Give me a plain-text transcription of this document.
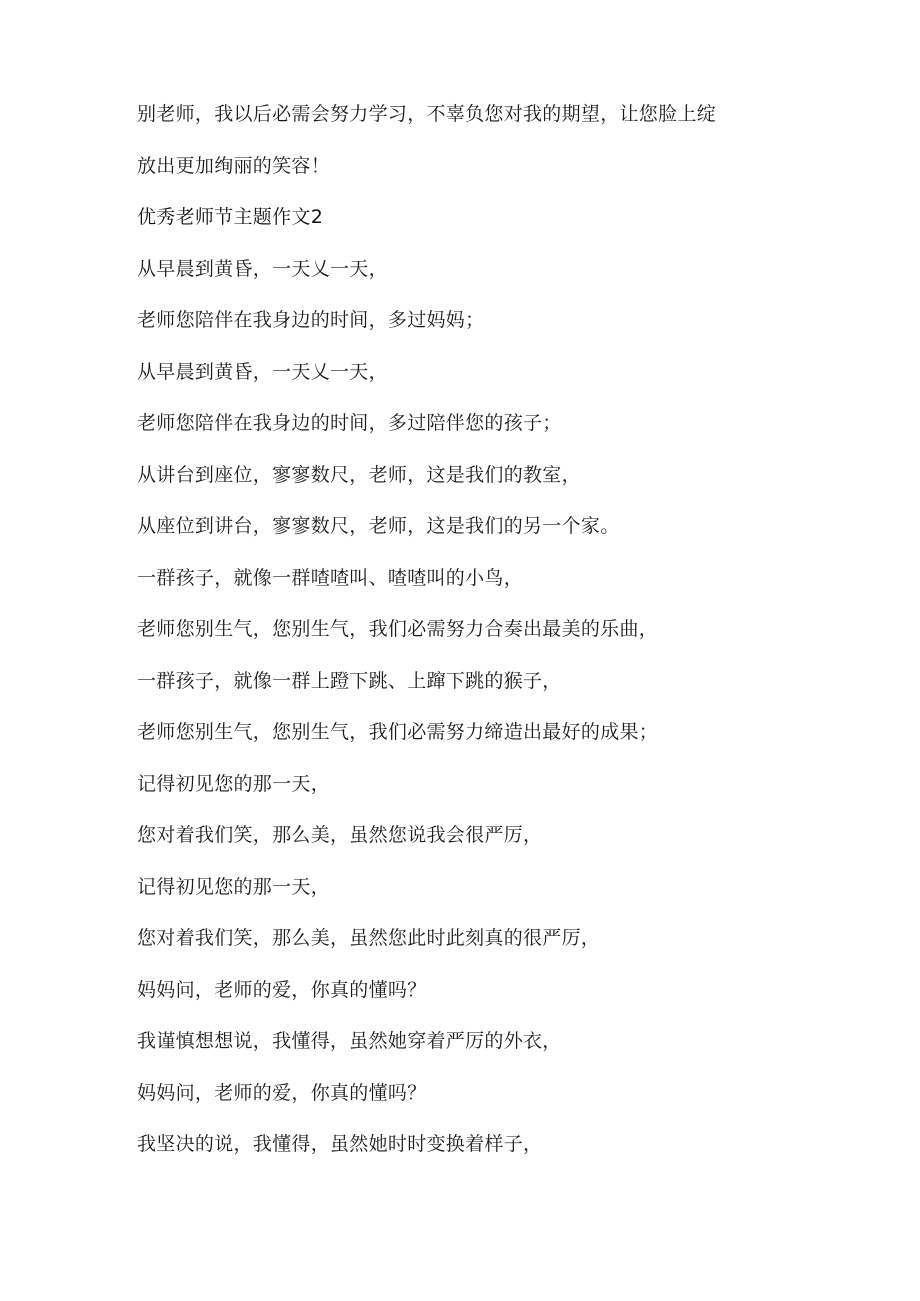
别老师，我以后必需会努力学习，不辜负您对我的期望，让您脸上绽
放出更加绚丽的笑容！
优秀老师节主题作文2
从早晨到黄昏，一天乂一天，
老师您陪伴在我身边的时间，多过妈妈；
从早晨到黄昏，一天乂一天，
老师您陪伴在我身边的时间，多过陪伴您的孩子；
从讲台到座位，寥寥数尺，老师，这是我们的教室，
从座位到讲台，寥寥数尺，老师，这是我们的另一个家。
一群孩子，就像一群喳喳叫、喳喳叫的小鸟，
老师您别生气，您别生气，我们必需努力合奏出最美的乐曲，
一群孩子，就像一群上蹬下跳、上蹿下跳的猴子，
老师您别生气，您别生气，我们必需努力缔造出最好的成果；
记得初见您的那一天，
您对着我们笑，那么美，虽然您说我会很严厉，
记得初见您的那一天，
您对着我们笑，那么美，虽然您此时此刻真的很严厉，
妈妈问，老师的爱，你真的懂吗？
我谨慎想想说，我懂得，虽然她穿着严厉的外衣，
妈妈问，老师的爱，你真的懂吗？
我坚决的说，我懂得，虽然她时时变换着样子，
